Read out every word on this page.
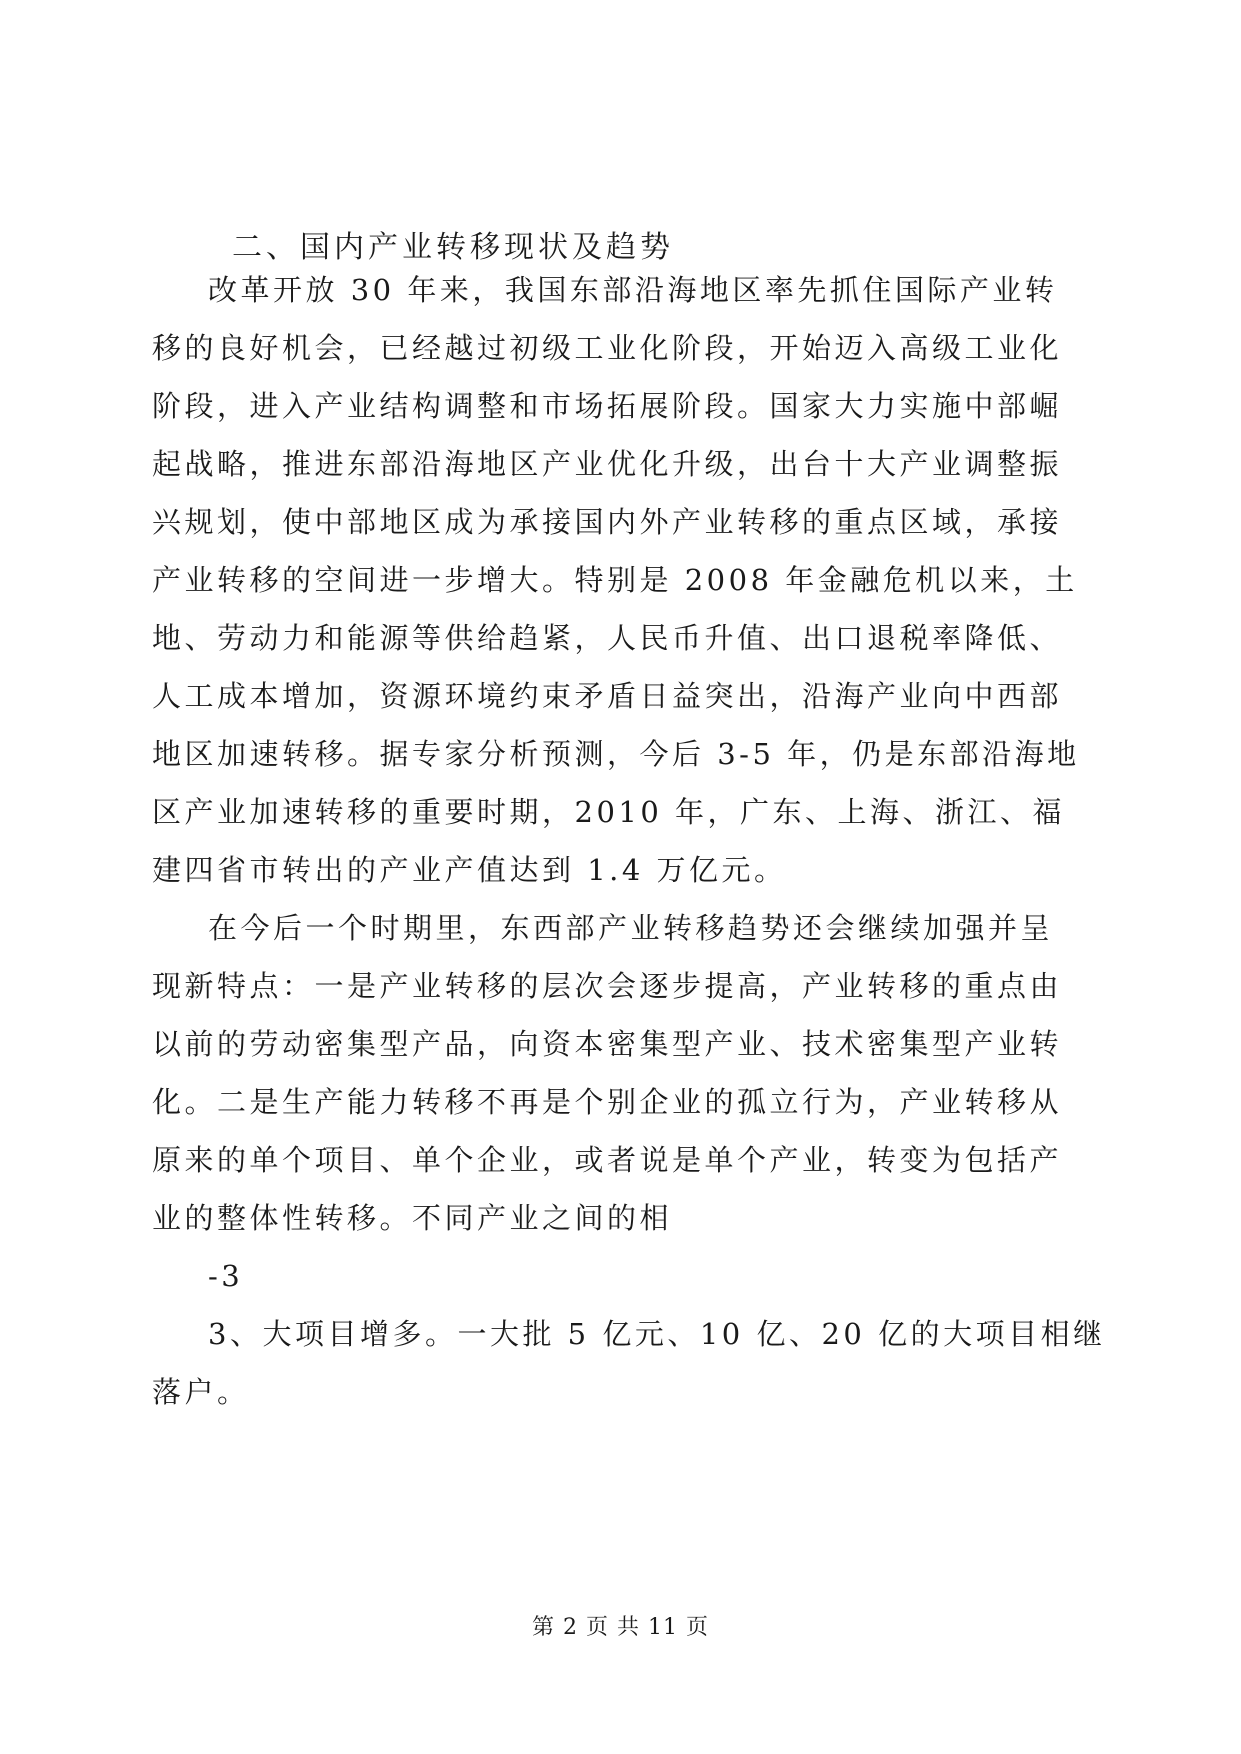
二、国内产业转移现状及趋势
改革开放 30 年来，我国东部沿海地区率先抓住国际产业转
移的良好机会，已经越过初级工业化阶段，开始迈入高级工业化
阶段，进入产业结构调整和市场拓展阶段。国家大力实施中部崛
起战略，推进东部沿海地区产业优化升级，出台十大产业调整振
兴规划，使中部地区成为承接国内外产业转移的重点区域，承接
产业转移的空间进一步增大。特别是 2008 年金融危机以来，土
地、劳动力和能源等供给趋紧，人民币升值、出口退税率降低、
人工成本增加，资源环境约束矛盾日益突出，沿海产业向中西部
地区加速转移。据专家分析预测，今后 3-5 年，仍是东部沿海地
区产业加速转移的重要时期，2010 年，广东、上海、浙江、福
建四省市转出的产业产值达到 1.4 万亿元。
在今后一个时期里，东西部产业转移趋势还会继续加强并呈
现新特点：一是产业转移的层次会逐步提高，产业转移的重点由
以前的劳动密集型产品，向资本密集型产业、技术密集型产业转
化。二是生产能力转移不再是个别企业的孤立行为，产业转移从
原来的单个项目、单个企业，或者说是单个产业，转变为包括产
业的整体性转移。不同产业之间的相
-3
3、大项目增多。一大批 5 亿元、10 亿、20 亿的大项目相继
落户。
第 2 页 共 11 页
